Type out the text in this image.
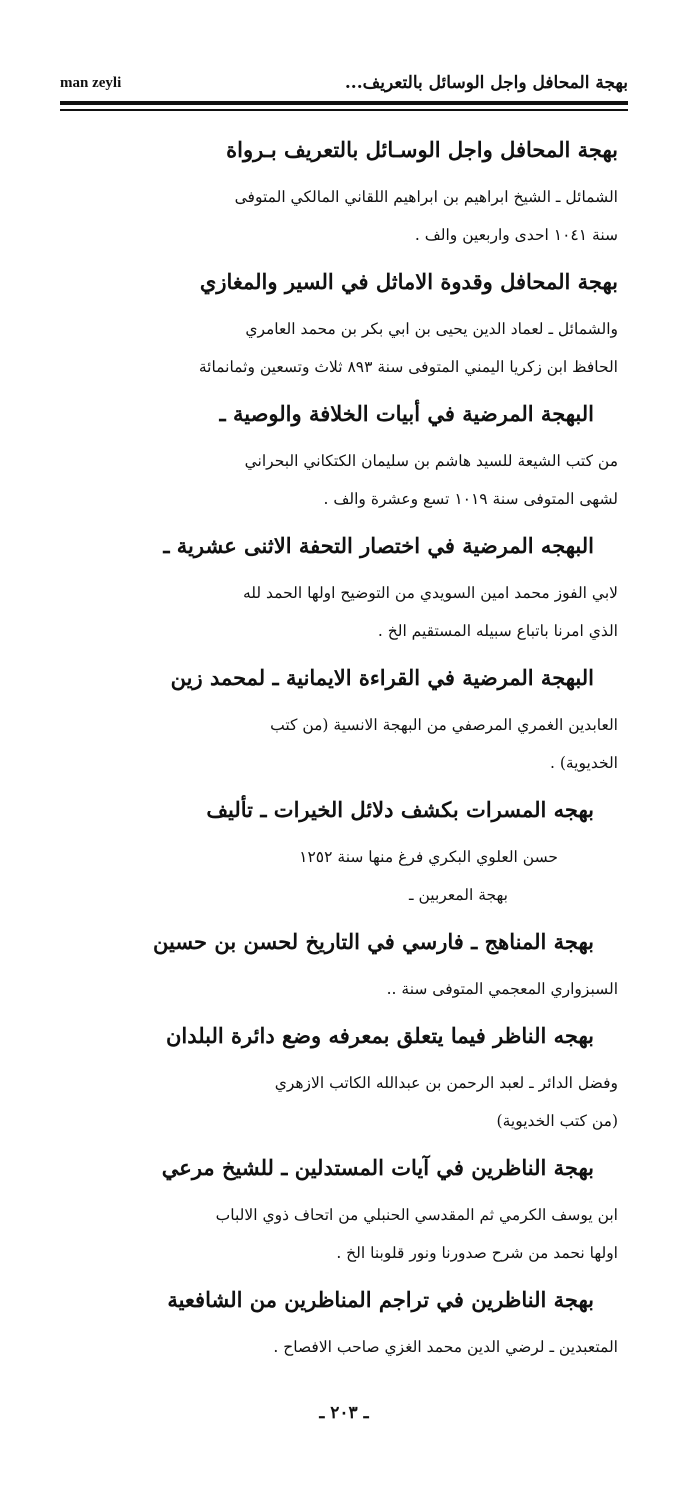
man zeyli	بهجة المحافل واجل الوسائل بالتعريف...
بهجة المحافل واجل الوسـائل بالتعريف بـرواة
الشمائل ـ الشيخ ابراهيم بن ابراهيم اللقاني المالكي المتوفى
سنة ١٠٤١ احدى واربعين والف .
بهجة المحافل وقدوة الاماثل في السير والمغازي
والشمائل ـ لعماد الدين يحيى بن ابي بكر بن محمد العامري
الحافظ ابن زكريا اليمني المتوفى سنة ٨٩٣ ثلاث وتسعين وثمانمائة
البهجة المرضية في أبيات الخلافة والوصية ـ
من كتب الشيعة للسيد هاشم بن سليمان الكتكاني البحراني
لشهى المتوفى سنة ١٠١٩ تسع وعشرة والف .
البهجه المرضية في اختصار التحفة الاثنى عشرية ـ
لابي الفوز محمد امين السويدي من التوضيح اولها الحمد لله
الذي امرنا باتباع سبيله المستقيم الخ .
البهجة المرضية في القراءة الايمانية ـ لمحمد زين
العابدين الغمري المرصفي من البهجة الانسية (من كتب
الخديوية) .
بهجه المسرات بكشف دلائل الخيرات ـ تأليف
حسن العلوي البكري فرغ منها سنة ١٢٥٢
بهجة المعربين ـ
بهجة المناهج ـ فارسي في التاريخ لحسن بن حسين
السبزواري المعجمي المتوفى سنة ..
بهجه الناظر فيما يتعلق بمعرفه وضع دائرة البلدان
وفضل الدائر ـ لعبد الرحمن بن عبدالله الكاتب الازهري
(من كتب الخديوية)
بهجة الناظرين في آيات المستدلين ـ للشيخ مرعي
ابن يوسف الكرمي ثم المقدسي الحنبلي من اتحاف ذوي الالباب
اولها نحمد من شرح صدورنا ونور قلوبنا الخ .
بهجة الناظرين في تراجم المناظرين من الشافعية
المتعبدين ـ لرضي الدين محمد الغزي صاحب الافصاح .
ـ ٢٠٣ ـ
